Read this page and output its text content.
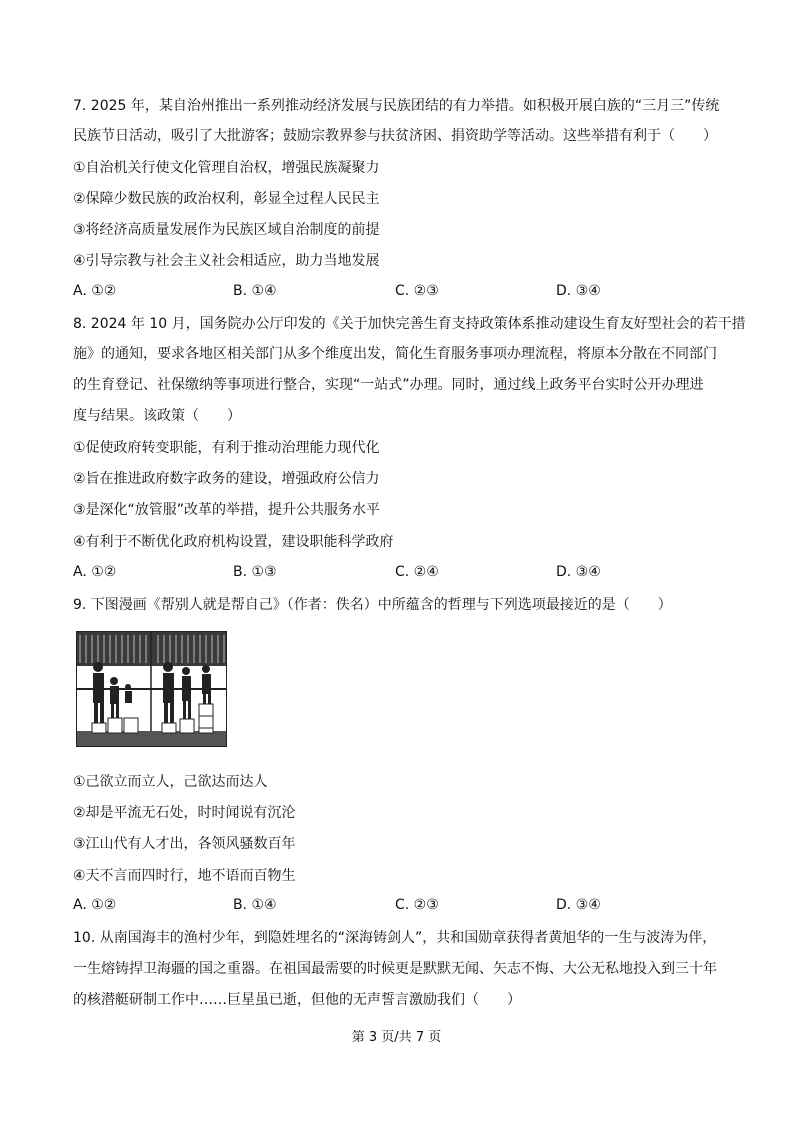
7. 2025 年，某自治州推出一系列推动经济发展与民族团结的有力举措。如积极开展白族的“三月三”传统
民族节日活动，吸引了大批游客；鼓励宗教界参与扶贫济困、捐资助学等活动。这些举措有利于（　　）
①自治机关行使文化管理自治权，增强民族凝聚力
②保障少数民族的政治权利，彰显全过程人民民主
③将经济高质量发展作为民族区域自治制度的前提
④引导宗教与社会主义社会相适应，助力当地发展
A. ①②	B. ①④	C. ②③	D. ③④
8. 2024 年 10 月，国务院办公厅印发的《关于加快完善生育支持政策体系推动建设生育友好型社会的若干措
施》的通知，要求各地区相关部门从多个维度出发，简化生育服务事项办理流程，将原本分散在不同部门
的生育登记、社保缴纳等事项进行整合，实现“一站式”办理。同时，通过线上政务平台实时公开办理进
度与结果。该政策（　　）
①促使政府转变职能，有利于推动治理能力现代化
②旨在推进政府数字政务的建设，增强政府公信力
③是深化“放管服”改革的举措，提升公共服务水平
④有利于不断优化政府机构设置，建设职能科学政府
A. ①②	B. ①③	C. ②④	D. ③④
9. 下图漫画《帮别人就是帮自己》（作者：佚名）中所蕴含的哲理与下列选项最接近的是（　　）
①己欲立而立人，己欲达而达人
②却是平流无石处，时时闻说有沉沦
③江山代有人才出，各领风骚数百年
④天不言而四时行，地不语而百物生
A. ①②	B. ①④	C. ②③	D. ③④
10. 从南国海丰的渔村少年，到隐姓埋名的“深海铸剑人”，共和国勋章获得者黄旭华的一生与波涛为伴，
一生熔铸捍卫海疆的国之重器。在祖国最需要的时候更是默默无闻、矢志不悔、大公无私地投入到三十年
的核潜艇研制工作中……巨星虽已逝，但他的无声誓言激励我们（　　）
第 3 页/共 7 页
